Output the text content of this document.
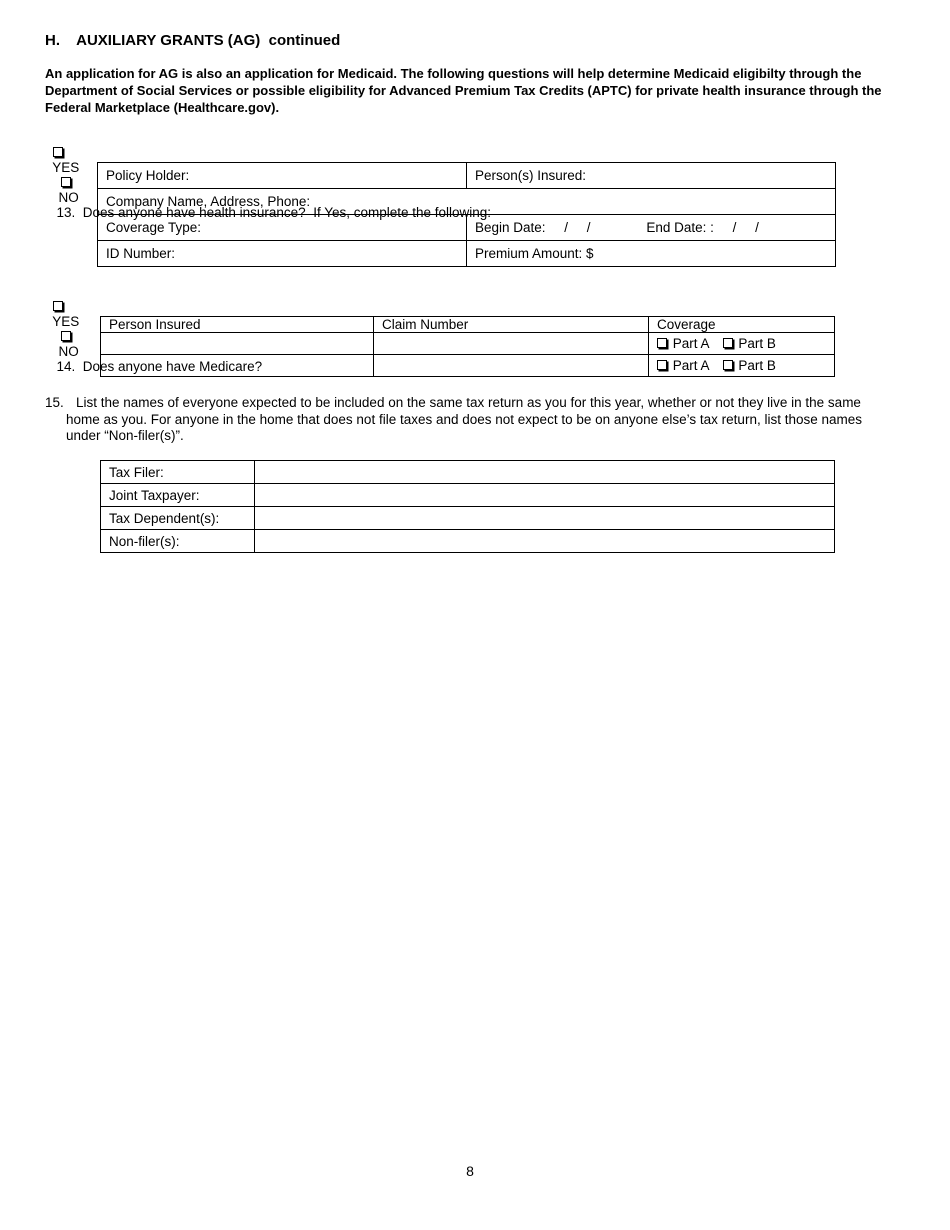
H.    AUXILIARY GRANTS (AG)  continued
An application for AG is also an application for Medicaid. The following questions will help determine Medicaid eligibilty through the Department of Social Services or possible eligibility for Advanced Premium Tax Credits (APTC) for private health insurance through the Federal Marketplace (Healthcare.gov).

YES

NO
13.  Does anyone have health insurance?  If Yes, complete the following:

Policy Holder:	Person(s) Insured:
Company Name, Address, Phone:	
Coverage Type:	Begin Date:     /     / End Date: :     /     /
ID Number:	Premium Amount: $

YES

NO
14.  Does anyone have Medicare?

Person Insured	Claim Number	Coverage
		Part A Part B
		Part A Part B
15. List the names of everyone expected to be included on the same tax return as you for this year, whether or not they live in the same home as you. For anyone in the home that does not file taxes and does not expect to be on anyone else’s tax return, list those names under “Non-filer(s)”.
Tax Filer:	
Joint Taxpayer:	
Tax Dependent(s):	
Non-filer(s):	
8
